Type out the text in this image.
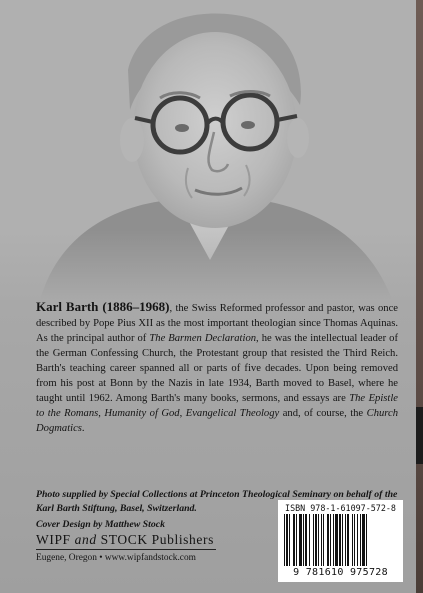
Karl Barth (1886–1968), the Swiss Reformed professor and pastor, was once described by Pope Pius XII as the most important theologian since Thomas Aquinas. As the principal author of The Barmen Declaration, he was the intellectual leader of the German Confessing Church, the Protestant group that resisted the Third Reich. Barth's teaching career spanned all or parts of five decades. Upon being removed from his post at Bonn by the Nazis in late 1934, Barth moved to Basel, where he taught until 1962. Among Barth's many books, sermons, and essays are The Epistle to the Romans, Humanity of God, Evangelical Theology and, of course, the Church Dogmatics.

Photo supplied by Special Collections at Princeton Theological Seminary on behalf of the Karl Barth Stiftung, Basel, Switzerland.

Cover Design by Matthew Stock
WIPF and STOCK Publishers
Eugene, Oregon • www.wipfandstock.com
ISBN 978-1-61097-572-8
9 781610 975728
